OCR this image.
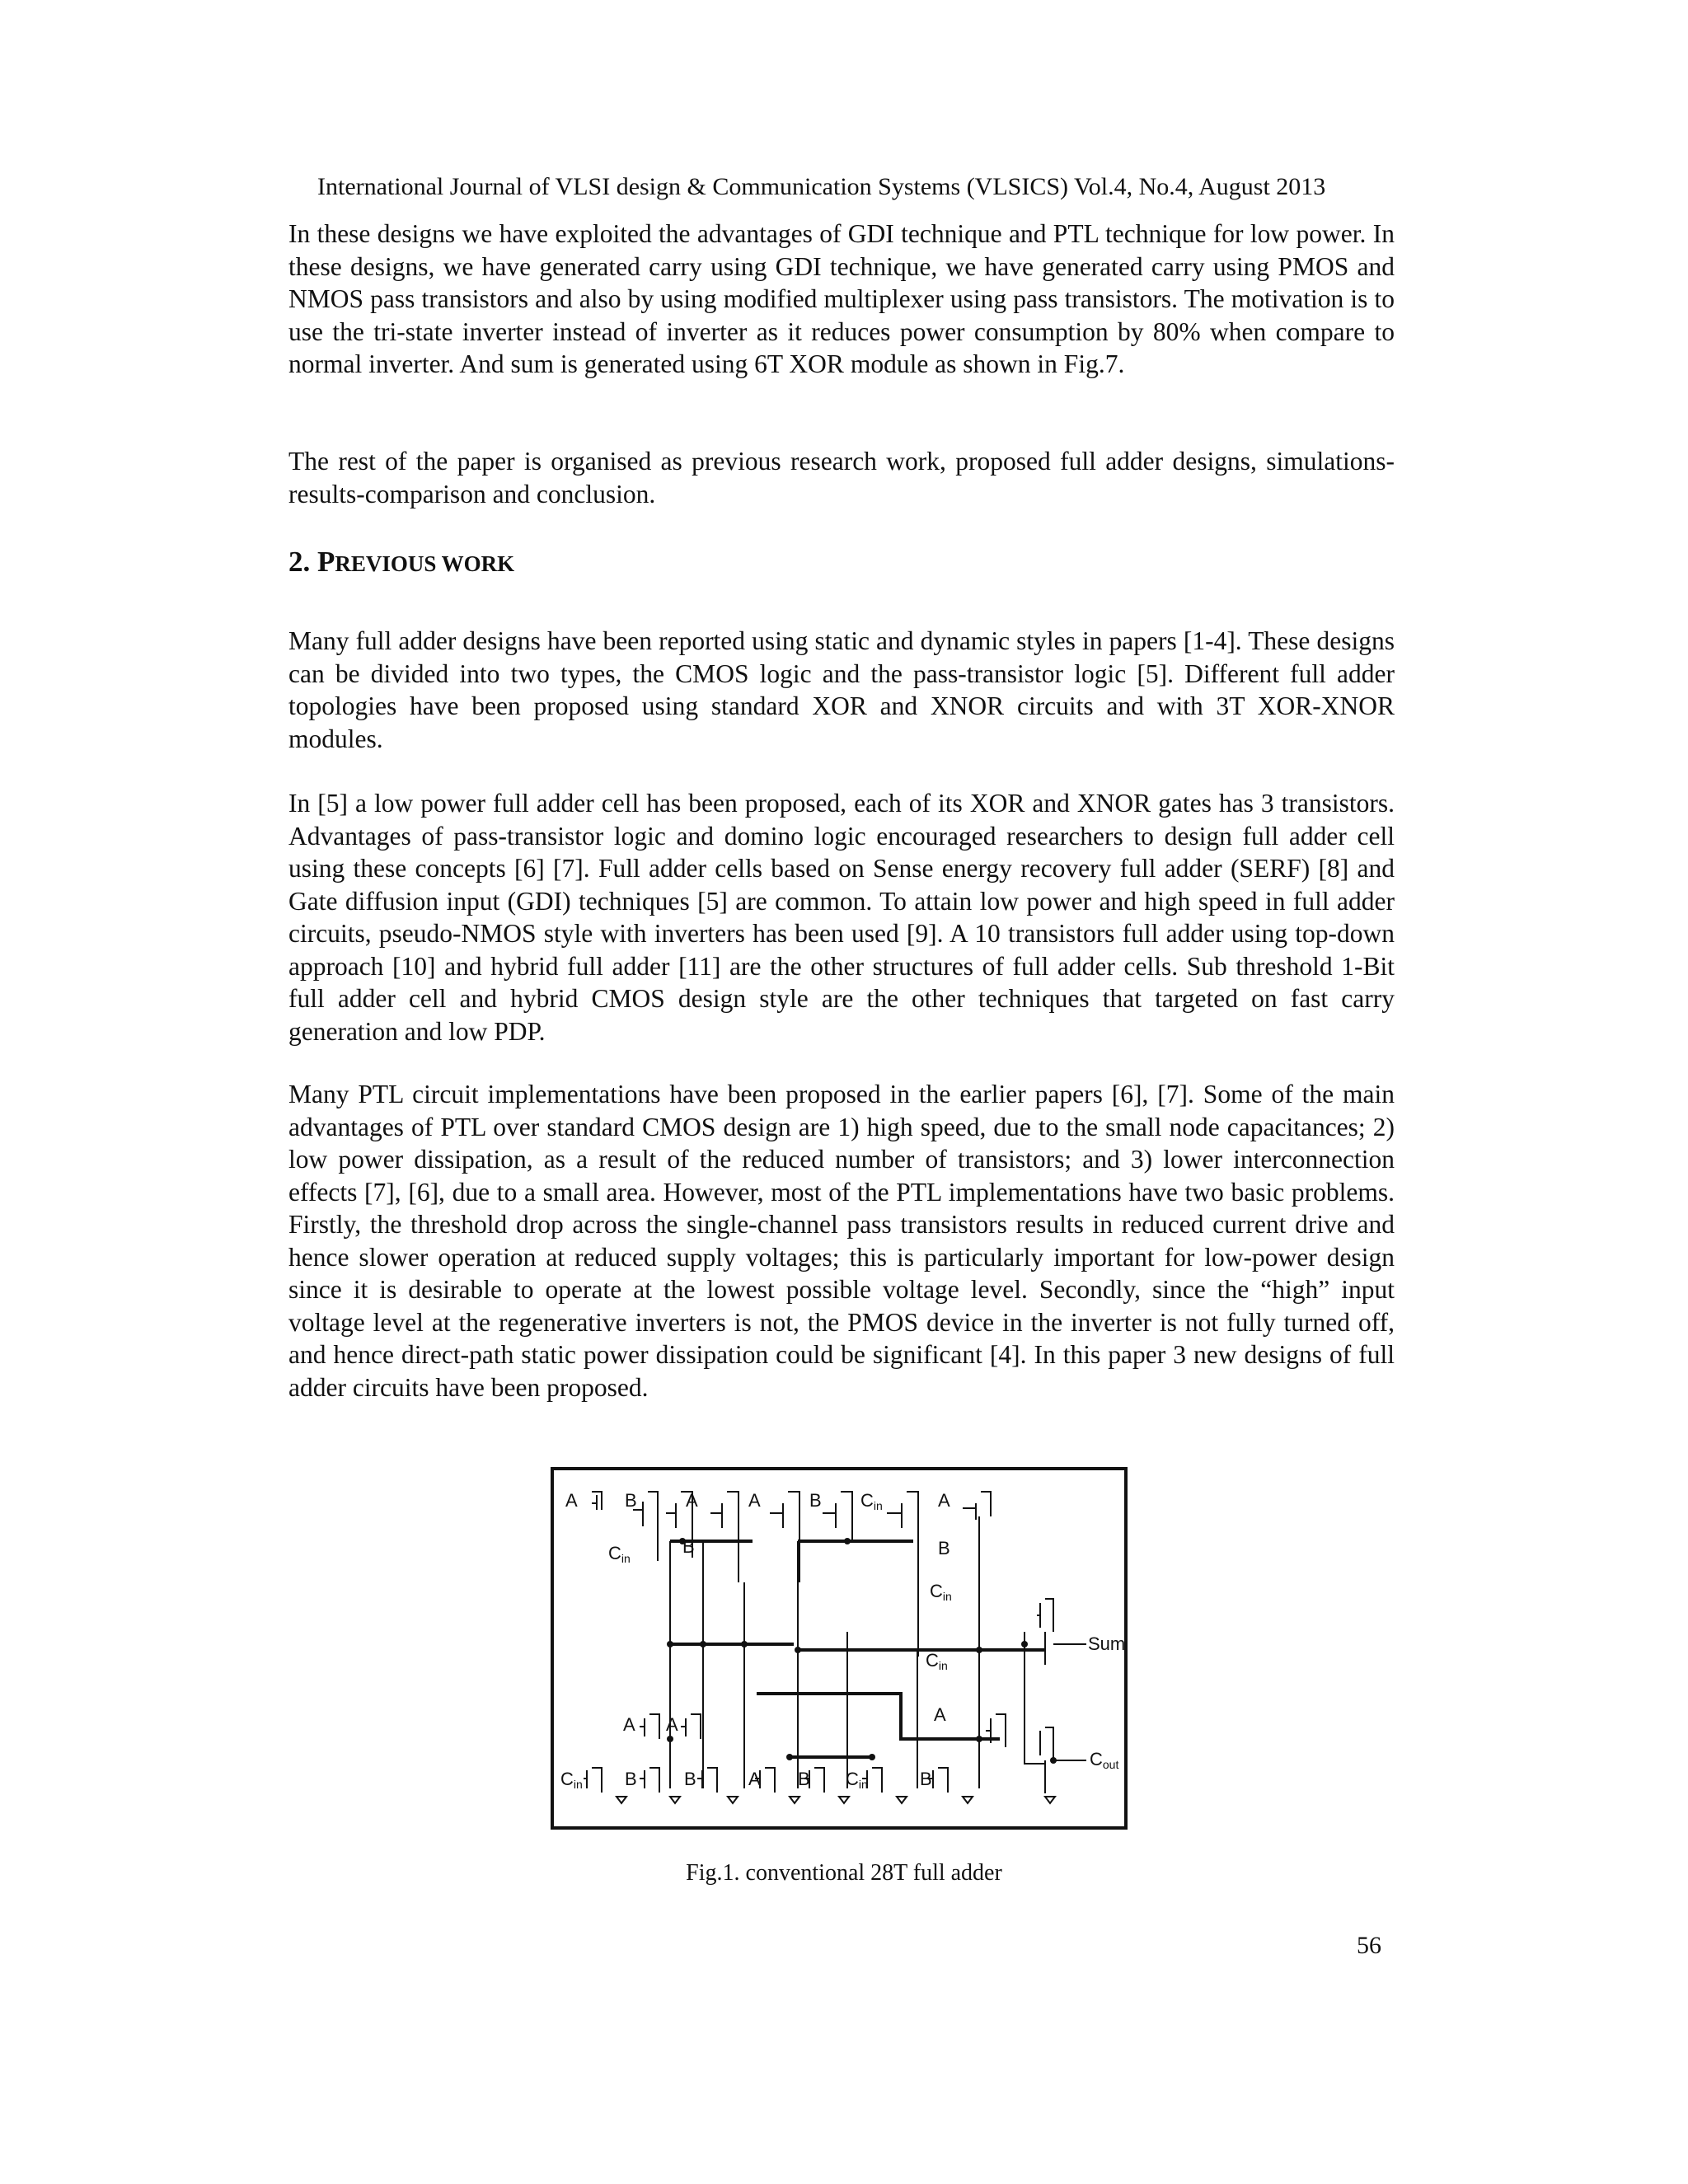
International Journal of VLSI design & Communication Systems (VLSICS) Vol.4, No.4, August 2013

In these designs we have exploited the advantages of GDI technique and PTL technique for low power. In these designs, we have generated carry using GDI technique, we have generated carry using PMOS and NMOS pass transistors and also by using modified multiplexer using pass transistors. The motivation is to use the tri-state inverter instead of inverter as it reduces power consumption by 80% when compare to normal inverter. And sum is generated using 6T XOR module as shown in Fig.7.

The rest of the paper is organised as previous research work, proposed full adder designs, simulations-results-comparison and conclusion.

2. PREVIOUS WORK

Many full adder designs have been reported using static and dynamic styles in papers [1-4]. These designs can be divided into two types, the CMOS logic and the pass-transistor logic [5]. Different full adder topologies have been proposed using standard XOR and XNOR circuits and with 3T XOR-XNOR modules.

In [5] a low power full adder cell has been proposed, each of its XOR and XNOR gates has 3 transistors. Advantages of pass-transistor logic and domino logic encouraged researchers to design full adder cell using these concepts [6] [7]. Full adder cells based on Sense energy recovery full adder (SERF) [8] and Gate diffusion input (GDI) techniques [5] are common. To attain low power and high speed in full adder circuits, pseudo-NMOS style with inverters has been used [9]. A 10 transistors full adder using top-down approach [10] and hybrid full adder [11] are the other structures of full adder cells. Sub threshold 1-Bit full adder cell and hybrid CMOS design style are the other techniques that targeted on fast carry generation and low PDP.

Many PTL circuit implementations have been proposed in the earlier papers [6], [7]. Some of the main advantages of PTL over standard CMOS design are 1) high speed, due to the small node capacitances; 2) low power dissipation, as a result of the reduced number of transistors; and 3) lower interconnection effects [7], [6], due to a small area. However, most of the PTL implementations have two basic problems. Firstly, the threshold drop across the single-channel pass transistors results in reduced current drive and hence slower operation at reduced supply voltages; this is particularly important for low-power design since it is desirable to operate at the lowest possible voltage level. Secondly, since the “high” input voltage level at the regenerative inverters is not, the PMOS device in the inverter is not fully turned off, and hence direct-path static power dissipation could be significant [4]. In this paper 3 new designs of full adder circuits have been proposed.

A	B	A	A	B Cin	A
Cin
B	B
Cin
Cin
Sum
A
A A
Cout
Cin B	B	A B Cin	B

Fig.1. conventional 28T full adder

56
